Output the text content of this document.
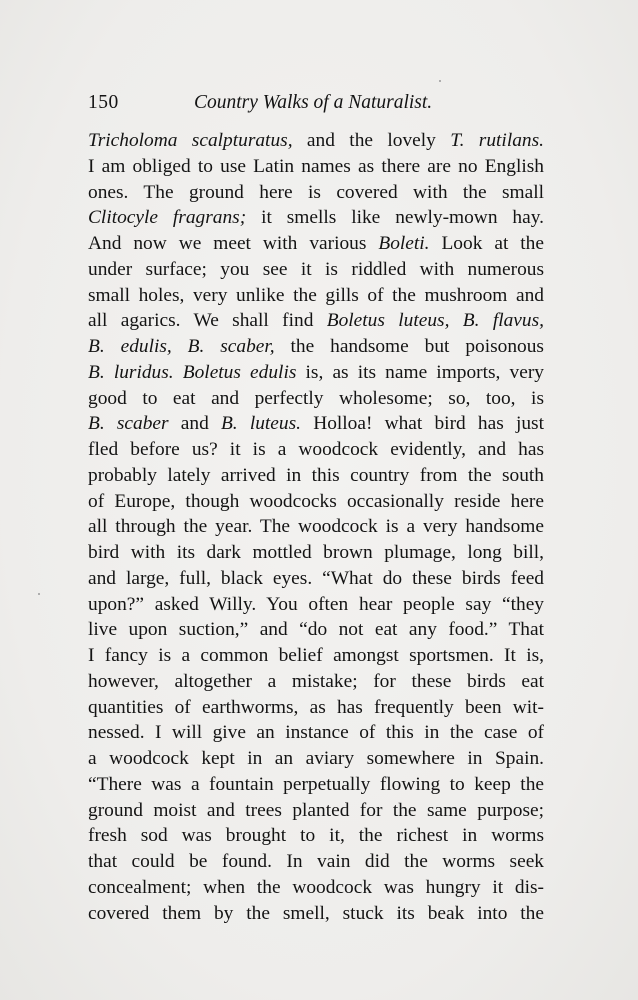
150	Country Walks of a Naturalist.
Tricholoma scalpturatus, and the lovely T. rutilans.
I am obliged to use Latin names as there are no English
ones. The ground here is covered with the small
Clitocyle fragrans; it smells like newly-mown hay.
And now we meet with various Boleti. Look at the
under surface; you see it is riddled with numerous
small holes, very unlike the gills of the mushroom and
all agarics. We shall find Boletus luteus, B. flavus,
B. edulis, B. scaber, the handsome but poisonous
B. luridus. Boletus edulis is, as its name imports, very
good to eat and perfectly wholesome; so, too, is
B. scaber and B. luteus. Holloa! what bird has just
fled before us? it is a woodcock evidently, and has
probably lately arrived in this country from the south
of Europe, though woodcocks occasionally reside here
all through the year. The woodcock is a very handsome
bird with its dark mottled brown plumage, long bill,
and large, full, black eyes. “What do these birds feed
upon?” asked Willy. You often hear people say “they
live upon suction,” and “do not eat any food.” That
I fancy is a common belief amongst sportsmen. It is,
however, altogether a mistake; for these birds eat
quantities of earthworms, as has frequently been wit-
nessed. I will give an instance of this in the case of
a woodcock kept in an aviary somewhere in Spain.
“There was a fountain perpetually flowing to keep the
ground moist and trees planted for the same purpose;
fresh sod was brought to it, the richest in worms
that could be found. In vain did the worms seek
concealment; when the woodcock was hungry it dis-
covered them by the smell, stuck its beak into the
